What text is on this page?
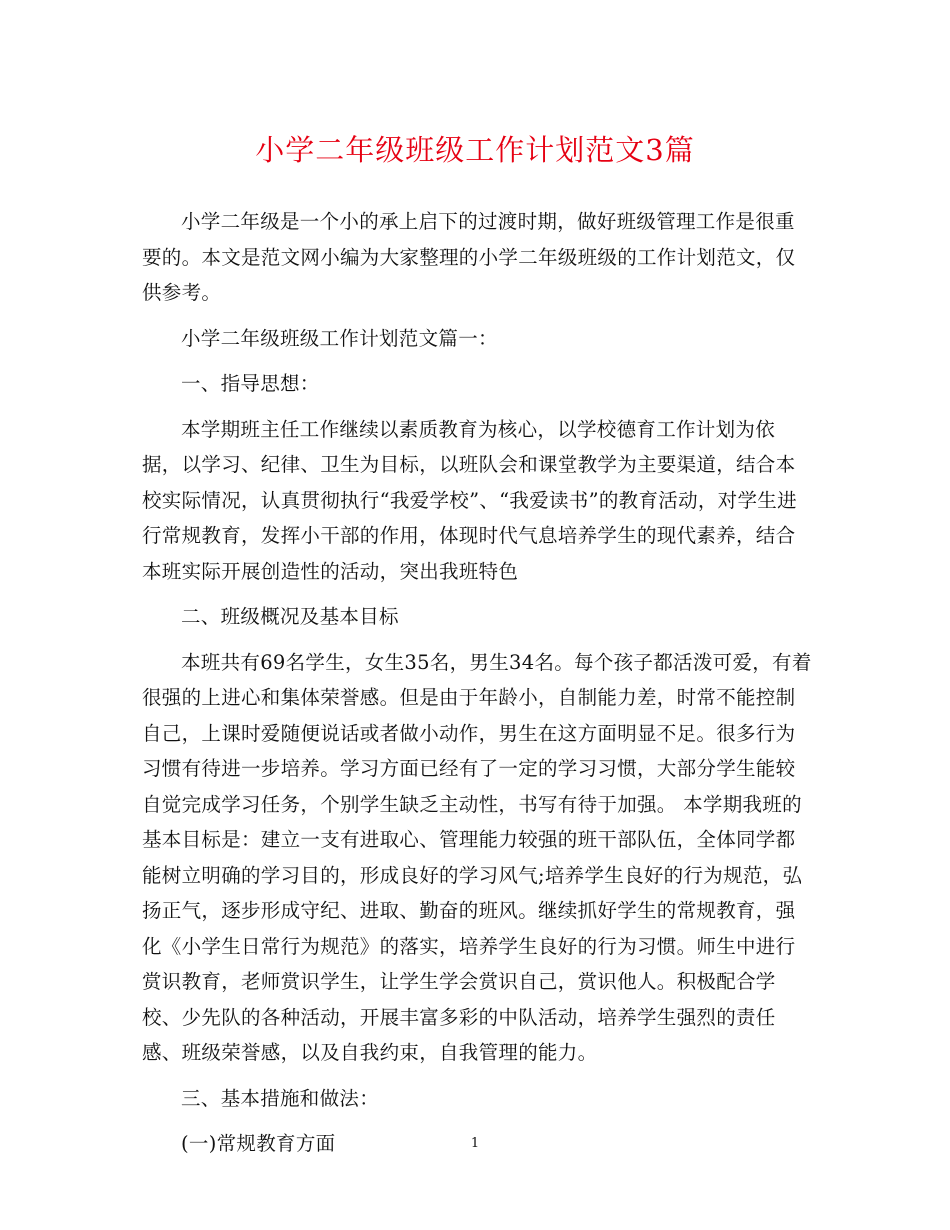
小学二年级班级工作计划范文3篇

小学二年级是一个小的承上启下的过渡时期，做好班级管理工作是很重要的。本文是范文网小编为大家整理的小学二年级班级的工作计划范文，仅供参考。

小学二年级班级工作计划范文篇一：

一、指导思想：

本学期班主任工作继续以素质教育为核心，以学校德育工作计划为依据，以学习、纪律、卫生为目标，以班队会和课堂教学为主要渠道，结合本校实际情况，认真贯彻执行“我爱学校”、“我爱读书”的教育活动，对学生进行常规教育，发挥小干部的作用，体现时代气息培养学生的现代素养，结合本班实际开展创造性的活动，突出我班特色

二、班级概况及基本目标

本班共有69名学生，女生35名，男生34名。每个孩子都活泼可爱，有着很强的上进心和集体荣誉感。但是由于年龄小，自制能力差，时常不能控制自己，上课时爱随便说话或者做小动作，男生在这方面明显不足。很多行为习惯有待进一步培养。学习方面已经有了一定的学习习惯，大部分学生能较自觉完成学习任务，个别学生缺乏主动性，书写有待于加强。 本学期我班的基本目标是：建立一支有进取心、管理能力较强的班干部队伍，全体同学都能树立明确的学习目的，形成良好的学习风气;培养学生良好的行为规范，弘扬正气，逐步形成守纪、进取、勤奋的班风。继续抓好学生的常规教育，强化《小学生日常行为规范》的落实，培养学生良好的行为习惯。师生中进行赏识教育，老师赏识学生，让学生学会赏识自己，赏识他人。积极配合学校、少先队的各种活动，开展丰富多彩的中队活动，培养学生强烈的责任感、班级荣誉感，以及自我约束，自我管理的能力。

三、基本措施和做法：

(一)常规教育方面	1
